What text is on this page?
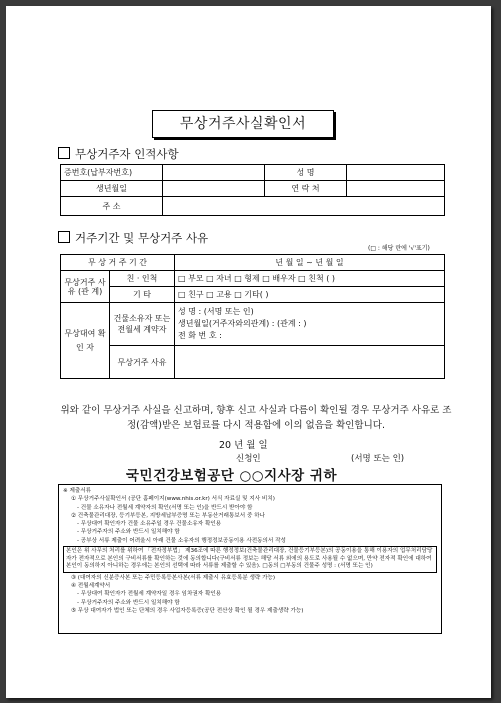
무상거주사실확인서
무상거주자 인적사항
증번호(납부자번호)		성 명	
생년월일		연 락 처	
주 소			
거주기간 및 무상거주 사유
(□ : 해당 란에 '√'표기)
무 상 거 주 기 간		년 월 일 ~ 년 월 일
무상거주 사 유 (관 계)	친 · 인척	□ 부모 □ 자녀 □ 형제 □ 배우자 □ 친척 ( )
	기 타	□ 친구 □ 고용 □ 기타( )
무상대여 확 인 자	건물소유자 또는 전월세 계약자	성 명 : (서명 또는 인)
생년월일(거주자와의관계) : (관계 : )
전 화 번 호 :

	무상거주 사유	
위와 같이 무상거주 사실을 신고하며, 향후 신고 사실과 다름이 확인될 경우 무상거주 사유로 조정(감액)받은 보험료를 다시 적용함에 이의 없음을 확인합니다.
20 년 월 일
신청인	(서명 또는 인)
국민건강보험공단 ○○지사장 귀하
※ 제출서류
① 무상거주사실확인서 (공단 홈페이지(www.nhis.or.kr) 서식 자료실 및 지사 비치)
- 건물 소유자나 전월세 계약자의 확인(서명 또는 인)을 반드시 받아야 함
② 건축물관리대장, 등기부등본, 지방세납부증명 또는 부동산거래통보서 중 하나
- 무상대여 확인자가 건물 소유주일 경우 건물소유자 확인용
- 무상거주자의 주소와 반드시 일치해야 함
- 공부상 서류 제출이 어려울시 아래 건물 소유자의 행정정보공동이용 사전동의서 작성
본인은 위 사무의 처리를 위하여 「전자정부법」 제36조에 따른 행정정보(건축물관리대장, 건물등기부등본)의 공동이용을 통해 이용자의 업무처리담당자가 전자적으로 본인의 구비서류를 확인하는 것에 동의합니다(구비서류 정보는 해당 서류 외에의 용도로 사용될 수 없으며, 만약 전자적 확인에 대하여 본인이 동의하지 아니하는 경우에는 본인의 선택에 따라 서류를 제출할 수 있음). □동의 □부동의 건물주 성명 : (서명 또는 인)
③ (대여자의 신분증사본 또는 주민등록등본사본(서류 제출시 유효등록분 생략 가능)
④ 전월세계약서
- 무상대여 확인자가 전월세 계약자일 경우 임차권자 확인용
- 무상거주자의 주소와 반드시 일치해야 함
⑤ 무상 대여자가 법인 또는 단체의 경우 사업자등록증(공단 전산상 확인 될 경우 제출생략 가능)
